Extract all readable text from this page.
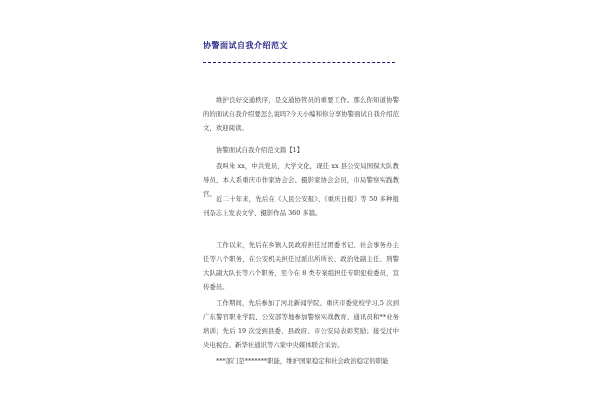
协警面试自我介绍范文

维护良好交通秩序，是交通协管员的重要工作。那么你知道协警的的面试自我介绍要怎么说吗?今天小编和你分享协警面试自我介绍范文，欢迎阅读。

协警面试自我介绍范文篇【1】

我叫朱 xx，中共党员，大学文化，现任 xx 县公安局国保大队教导员，本人系重庆市作家协会会、摄影家协会会员，市局警察实践教官。

近二十年来，先后在《人民公安报》、《重庆日报》等 50 多种报刊杂志上发表文学、摄影作品 360 多篇。

工作以来，先后在乡镇人民政府担任过团委书记、社会事务办主任等八个职务，在公安机关担任过派出所所长、政治处副主任、刑警大队副大队长等六个职务，至今在 8 类专案组担任专职犯检委员，宣传委员。

工作期间，先后参加了河北新闻学院、重庆市委党校学习,5 次到广东警官职业学院、公安部等地参加警察实战教育、通讯员和**业务培训；先后 19 次受到县委、县政府、市公安局表彰奖励；接受过中央电视台、新华社通讯等六家中央媒体联合采访。

***部门是*******职能，维护国家稳定和社会政治稳定的职能
